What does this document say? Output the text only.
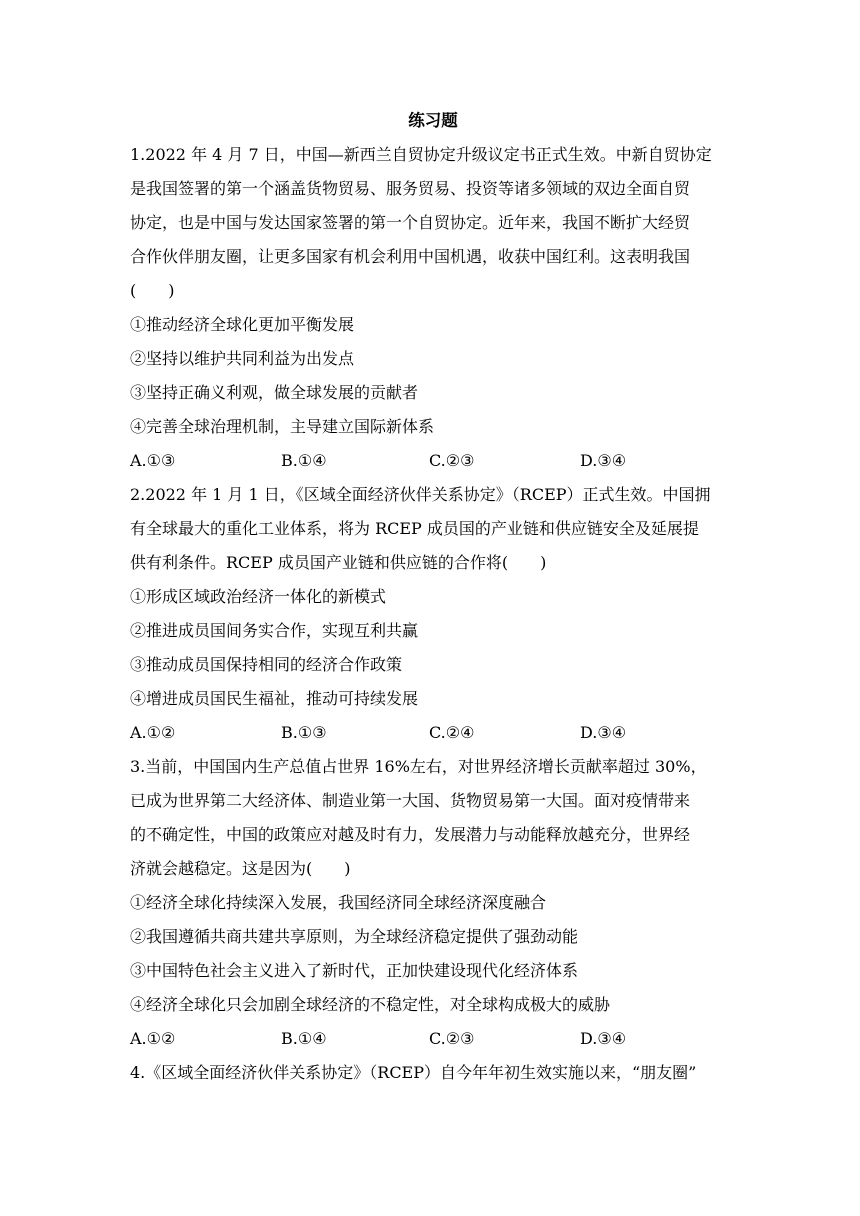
练习题
1.2022 年 4 月 7 日，中国—新西兰自贸协定升级议定书正式生效。中新自贸协定
是我国签署的第一个涵盖货物贸易、服务贸易、投资等诸多领域的双边全面自贸
协定，也是中国与发达国家签署的第一个自贸协定。近年来，我国不断扩大经贸
合作伙伴朋友圈，让更多国家有机会利用中国机遇，收获中国红利。这表明我国
(　　)

①推动经济全球化更加平衡发展

②坚持以维护共同利益为出发点

③坚持正确义利观，做全球发展的贡献者

④完善全球治理机制，主导建立国际新体系

A.①③	B.①④	C.②③	D.③④
2.2022 年 1 月 1 日，《区域全面经济伙伴关系协定》（RCEP）正式生效。中国拥
有全球最大的重化工业体系，将为 RCEP 成员国的产业链和供应链安全及延展提
供有利条件。RCEP 成员国产业链和供应链的合作将(　　)

①形成区域政治经济一体化的新模式

②推进成员国间务实合作，实现互利共赢

③推动成员国保持相同的经济合作政策

④增进成员国民生福祉，推动可持续发展

A.①②	B.①③	C.②④	D.③④
3.当前，中国国内生产总值占世界 16%左右，对世界经济增长贡献率超过 30%，
已成为世界第二大经济体、制造业第一大国、货物贸易第一大国。面对疫情带来
的不确定性，中国的政策应对越及时有力，发展潜力与动能释放越充分，世界经
济就会越稳定。这是因为(　　)

①经济全球化持续深入发展，我国经济同全球经济深度融合

②我国遵循共商共建共享原则，为全球经济稳定提供了强劲动能

③中国特色社会主义进入了新时代，正加快建设现代化经济体系

④经济全球化只会加剧全球经济的不稳定性，对全球构成极大的威胁

A.①②	B.①④	C.②③	D.③④
4.《区域全面经济伙伴关系协定》（RCEP）自今年年初生效实施以来，“朋友圈”
